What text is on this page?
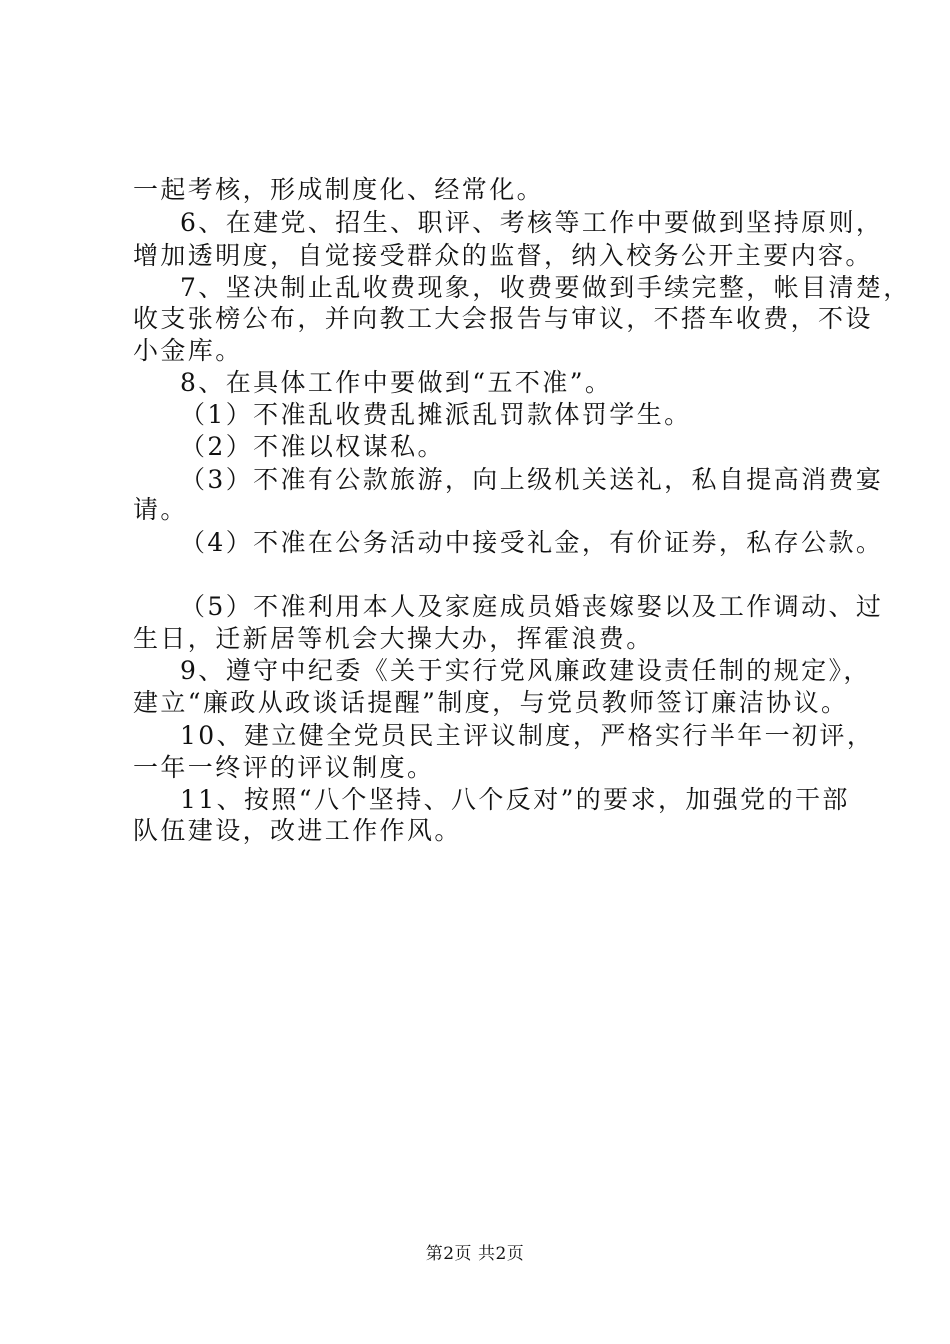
一起考核，形成制度化、经常化。
6、在建党、招生、职评、考核等工作中要做到坚持原则，
增加透明度，自觉接受群众的监督，纳入校务公开主要内容。
7、坚决制止乱收费现象，收费要做到手续完整，帐目清楚，
收支张榜公布，并向教工大会报告与审议，不搭车收费，不设
小金库。
8、在具体工作中要做到“五不准”。
（1）不准乱收费乱摊派乱罚款体罚学生。
（2）不准以权谋私。
（3）不准有公款旅游，向上级机关送礼，私自提高消费宴
请。
（4）不准在公务活动中接受礼金，有价证券，私存公款。
（5）不准利用本人及家庭成员婚丧嫁娶以及工作调动、过
生日，迁新居等机会大操大办，挥霍浪费。
9、遵守中纪委《关于实行党风廉政建设责任制的规定》，
建立“廉政从政谈话提醒”制度，与党员教师签订廉洁协议。
10、建立健全党员民主评议制度，严格实行半年一初评，
一年一终评的评议制度。
11、按照“八个坚持、八个反对”的要求，加强党的干部
队伍建设，改进工作作风。
第2页 共2页
